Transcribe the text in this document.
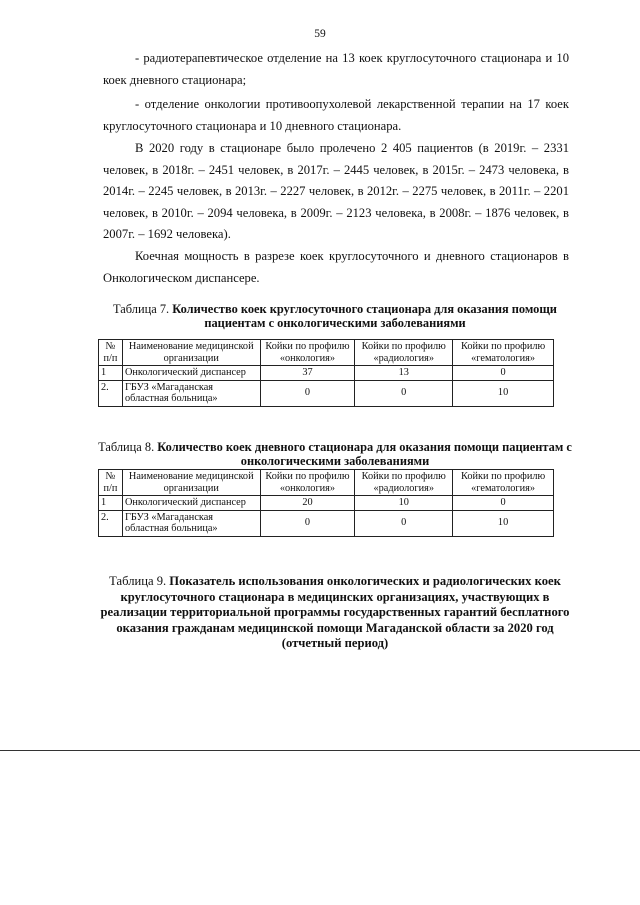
59
- радиотерапевтическое отделение на 13 коек круглосуточного стационара и 10 коек дневного стационара;
- отделение онкологии противоопухолевой лекарственной терапии на 17 коек круглосуточного стационара и 10 дневного стационара.
В 2020 году в стационаре было пролечено 2 405 пациентов (в 2019г. – 2331 человек, в 2018г. – 2451 человек, в 2017г. – 2445 человек, в 2015г. – 2473 человека, в 2014г. – 2245 человек, в 2013г. – 2227 человек, в 2012г. – 2275 человек, в 2011г. – 2201 человек, в 2010г. – 2094 человека, в 2009г. – 2123 человека, в 2008г. – 1876 человек, в 2007г. – 1692 человека).
Коечная мощность в разрезе коек круглосуточного и дневного стационаров в Онкологическом диспансере.
Таблица 7. Количество коек круглосуточного стационара для оказания помощи пациентам с онкологическими заболеваниями
№ п/п	Наименование медицинской организации	Койки по профилю «онкология»	Койки по профилю «радиология»	Койки по профилю «гематология»
1	Онкологический диспансер	37	13	0
2.	ГБУЗ «Магаданская областная больница»	0	0	10
Таблица 8. Количество коек дневного стационара для оказания помощи пациентам с онкологическими заболеваниями
№ п/п	Наименование медицинской организации	Койки по профилю «онкология»	Койки по профилю «радиология»	Койки по профилю «гематология»
1	Онкологический диспансер	20	10	0
2.	ГБУЗ «Магаданская областная больница»	0	0	10
Таблица 9. Показатель использования онкологических и радиологических коек круглосуточного стационара в медицинских организациях, участвующих в реализации территориальной программы государственных гарантий бесплатного оказания гражданам медицинской помощи Магаданской области за 2020 год (отчетный период)
